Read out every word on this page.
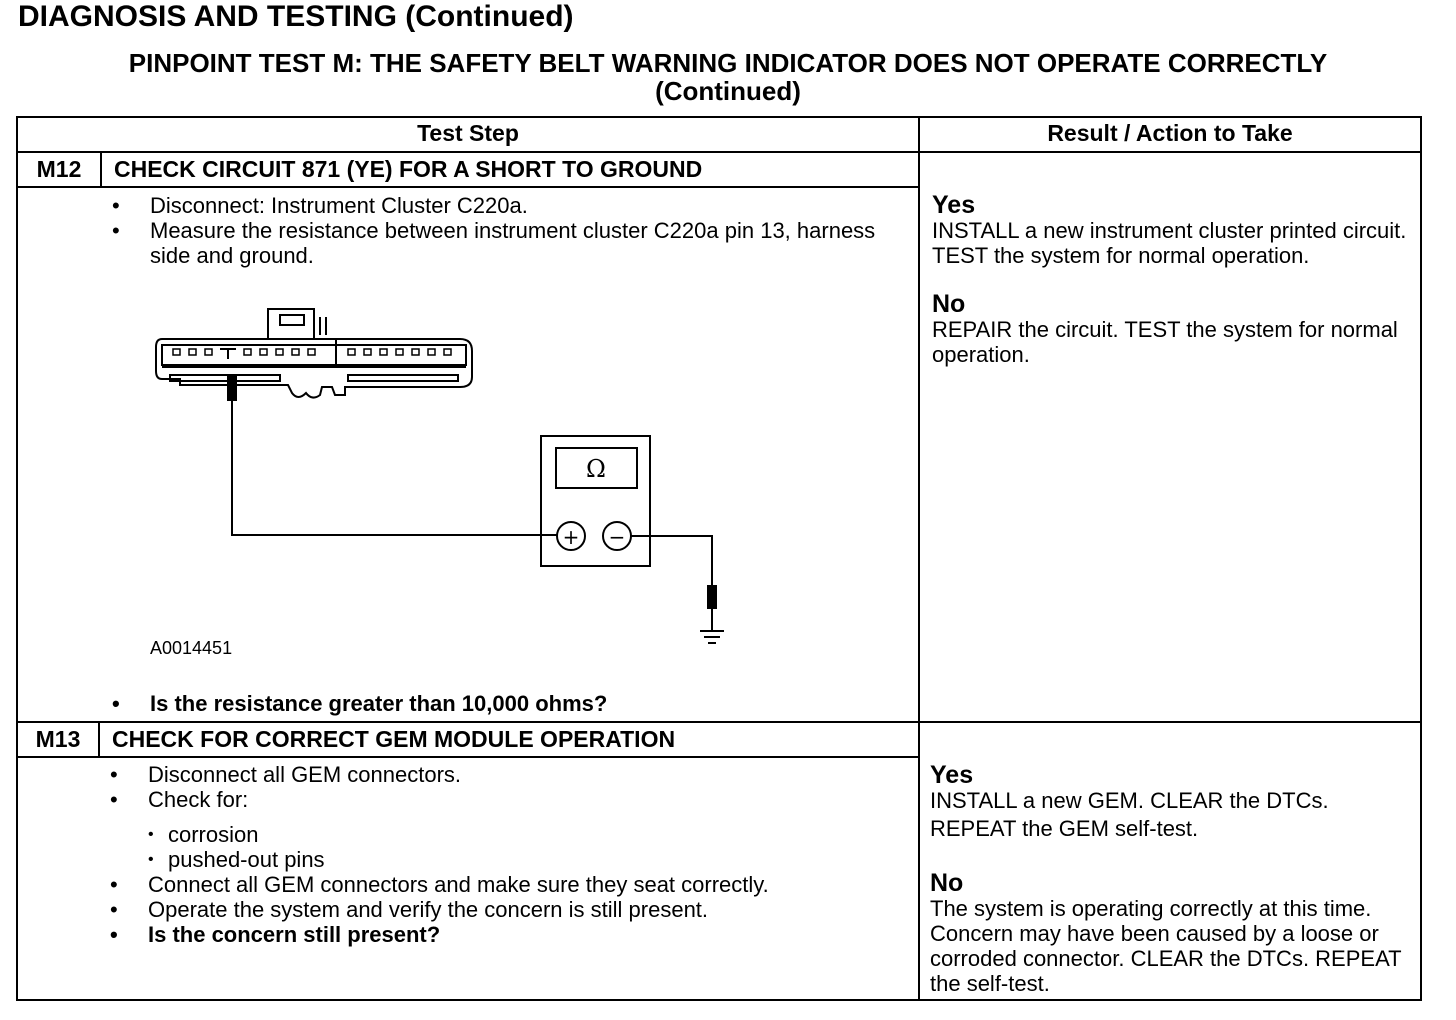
DIAGNOSIS AND TESTING (Continued)
PINPOINT TEST M: THE SAFETY BELT WARNING INDICATOR DOES NOT OPERATE CORRECTLY
(Continued)
Test Step	Result / Action to Take
M12	CHECK CIRCUIT 871 (YE) FOR A SHORT TO GROUND
• Disconnect: Instrument Cluster C220a.
• Measure the resistance between instrument cluster C220a pin 13, harness side and ground.
Ω
+ −
A0014451
• Is the resistance greater than 10,000 ohms?
Yes
INSTALL a new instrument cluster printed circuit. TEST the system for normal operation.
No
REPAIR the circuit. TEST the system for normal operation.
M13	CHECK FOR CORRECT GEM MODULE OPERATION
• Disconnect all GEM connectors.
• Check for:
• corrosion
• pushed-out pins
• Connect all GEM connectors and make sure they seat correctly.
• Operate the system and verify the concern is still present.
• Is the concern still present?
Yes
INSTALL a new GEM. CLEAR the DTCs.
REPEAT the GEM self-test.
No
The system is operating correctly at this time. Concern may have been caused by a loose or corroded connector. CLEAR the DTCs. REPEAT the self-test.
